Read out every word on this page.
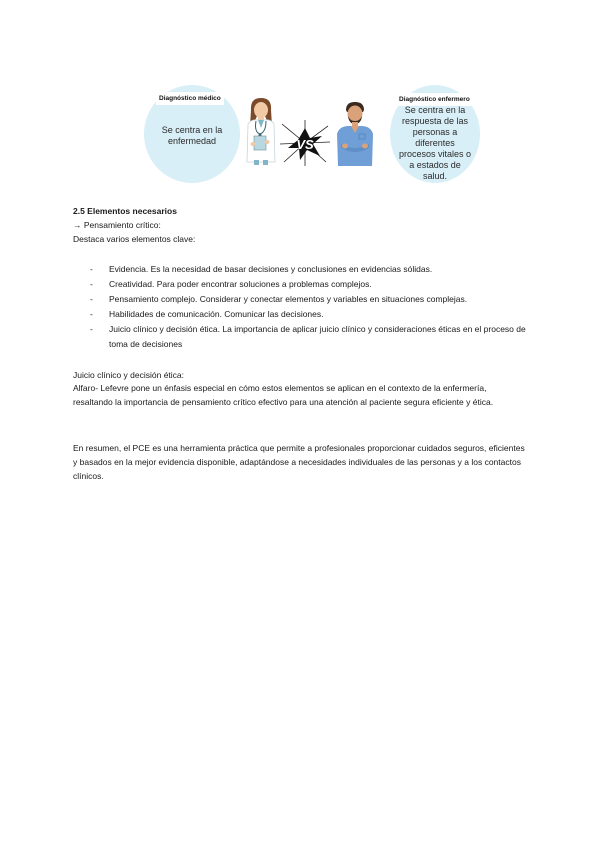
Diagnóstico médico
Se centra en la enfermedad	VS
Diagnóstico enfermero
Se centra en la respuesta de las personas a diferentes procesos vitales o a estados de salud.
2.5 Elementos necesarios
→ Pensamiento crítico:
Destaca varios elementos clave:
- Evidencia. Es la necesidad de basar decisiones y conclusiones en evidencias sólidas.
- Creatividad. Para poder encontrar soluciones a problemas complejos.
- Pensamiento complejo. Considerar y conectar elementos y variables en situaciones complejas.
- Habilidades de comunicación. Comunicar las decisiones.
- Juicio clínico y decisión ética. La importancia de aplicar juicio clínico y consideraciones éticas en el proceso de toma de decisiones
Juicio clínico y decisión ética:
Alfaro- Lefevre pone un énfasis especial en cómo estos elementos se aplican en el contexto de la enfermería, resaltando la importancia de pensamiento crítico efectivo para una atención al paciente segura eficiente y ética.
En resumen, el PCE es una herramienta práctica que permite a profesionales proporcionar cuidados seguros, eficientes y basados en la mejor evidencia disponible, adaptándose a necesidades individuales de las personas y a los contactos clínicos.
